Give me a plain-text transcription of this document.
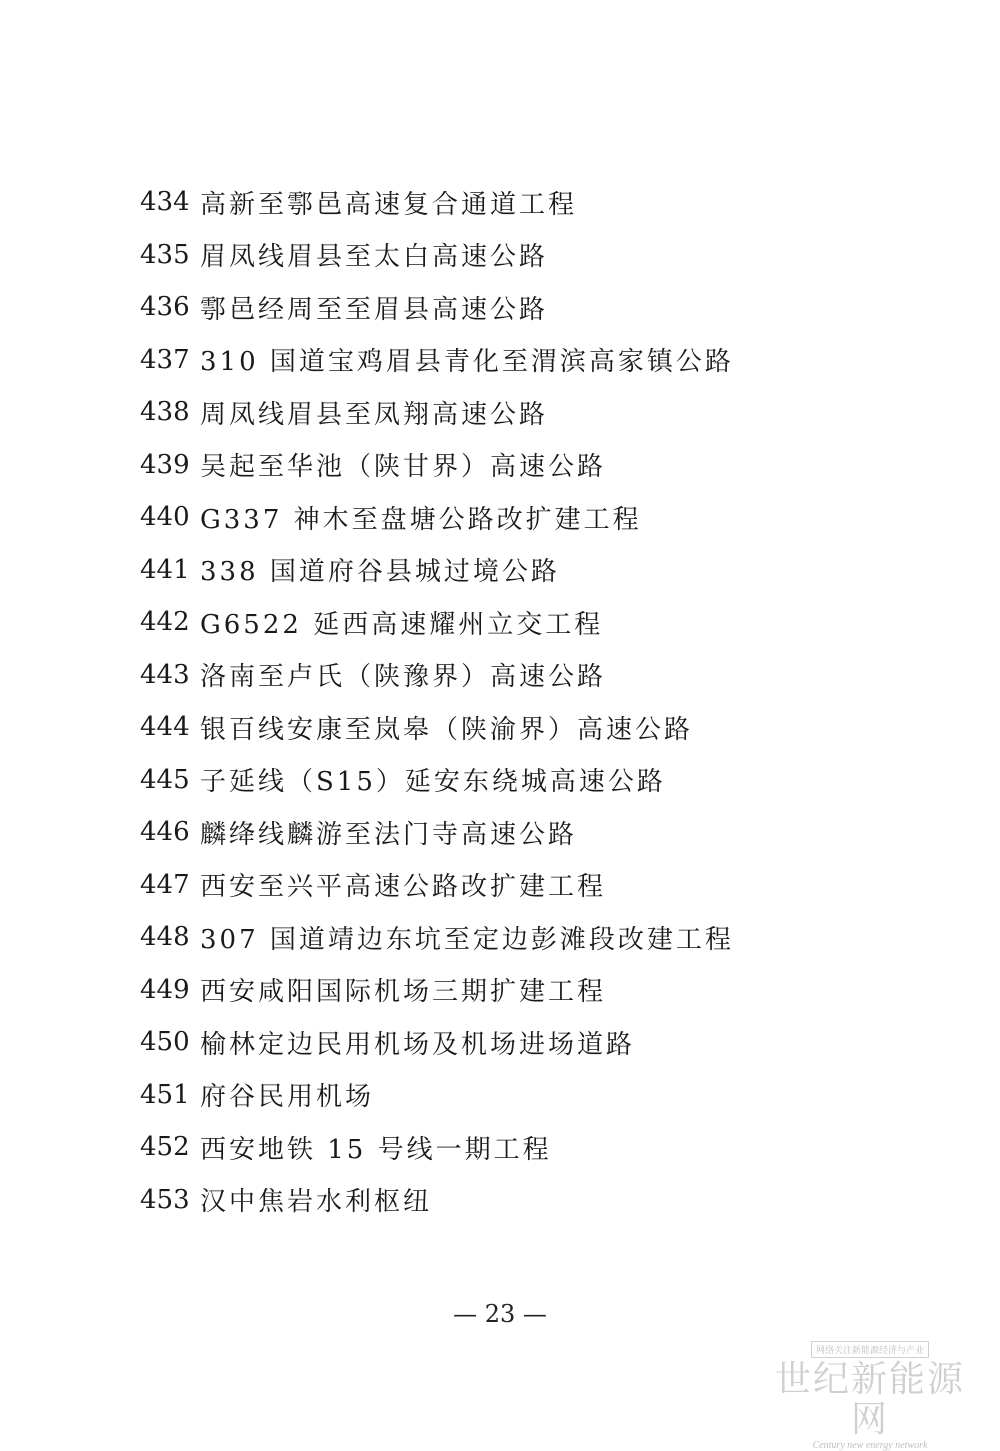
434 高新至鄠邑高速复合通道工程
435 眉凤线眉县至太白高速公路
436 鄠邑经周至至眉县高速公路
437 310 国道宝鸡眉县青化至渭滨高家镇公路
438 周凤线眉县至凤翔高速公路
439 吴起至华池（陕甘界）高速公路
440 G337 神木至盘塘公路改扩建工程
441 338 国道府谷县城过境公路
442 G6522 延西高速耀州立交工程
443 洛南至卢氏（陕豫界）高速公路
444 银百线安康至岚皋（陕渝界）高速公路
445 子延线（S15）延安东绕城高速公路
446 麟绛线麟游至法门寺高速公路
447 西安至兴平高速公路改扩建工程
448 307 国道靖边东坑至定边彭滩段改建工程
449 西安咸阳国际机场三期扩建工程
450 榆林定边民用机场及机场进场道路
451 府谷民用机场
452 西安地铁 15 号线一期工程
453 汉中焦岩水利枢纽
— 23 —
网络关注新能源经济与产业
世纪新能源网
Century new energy network
